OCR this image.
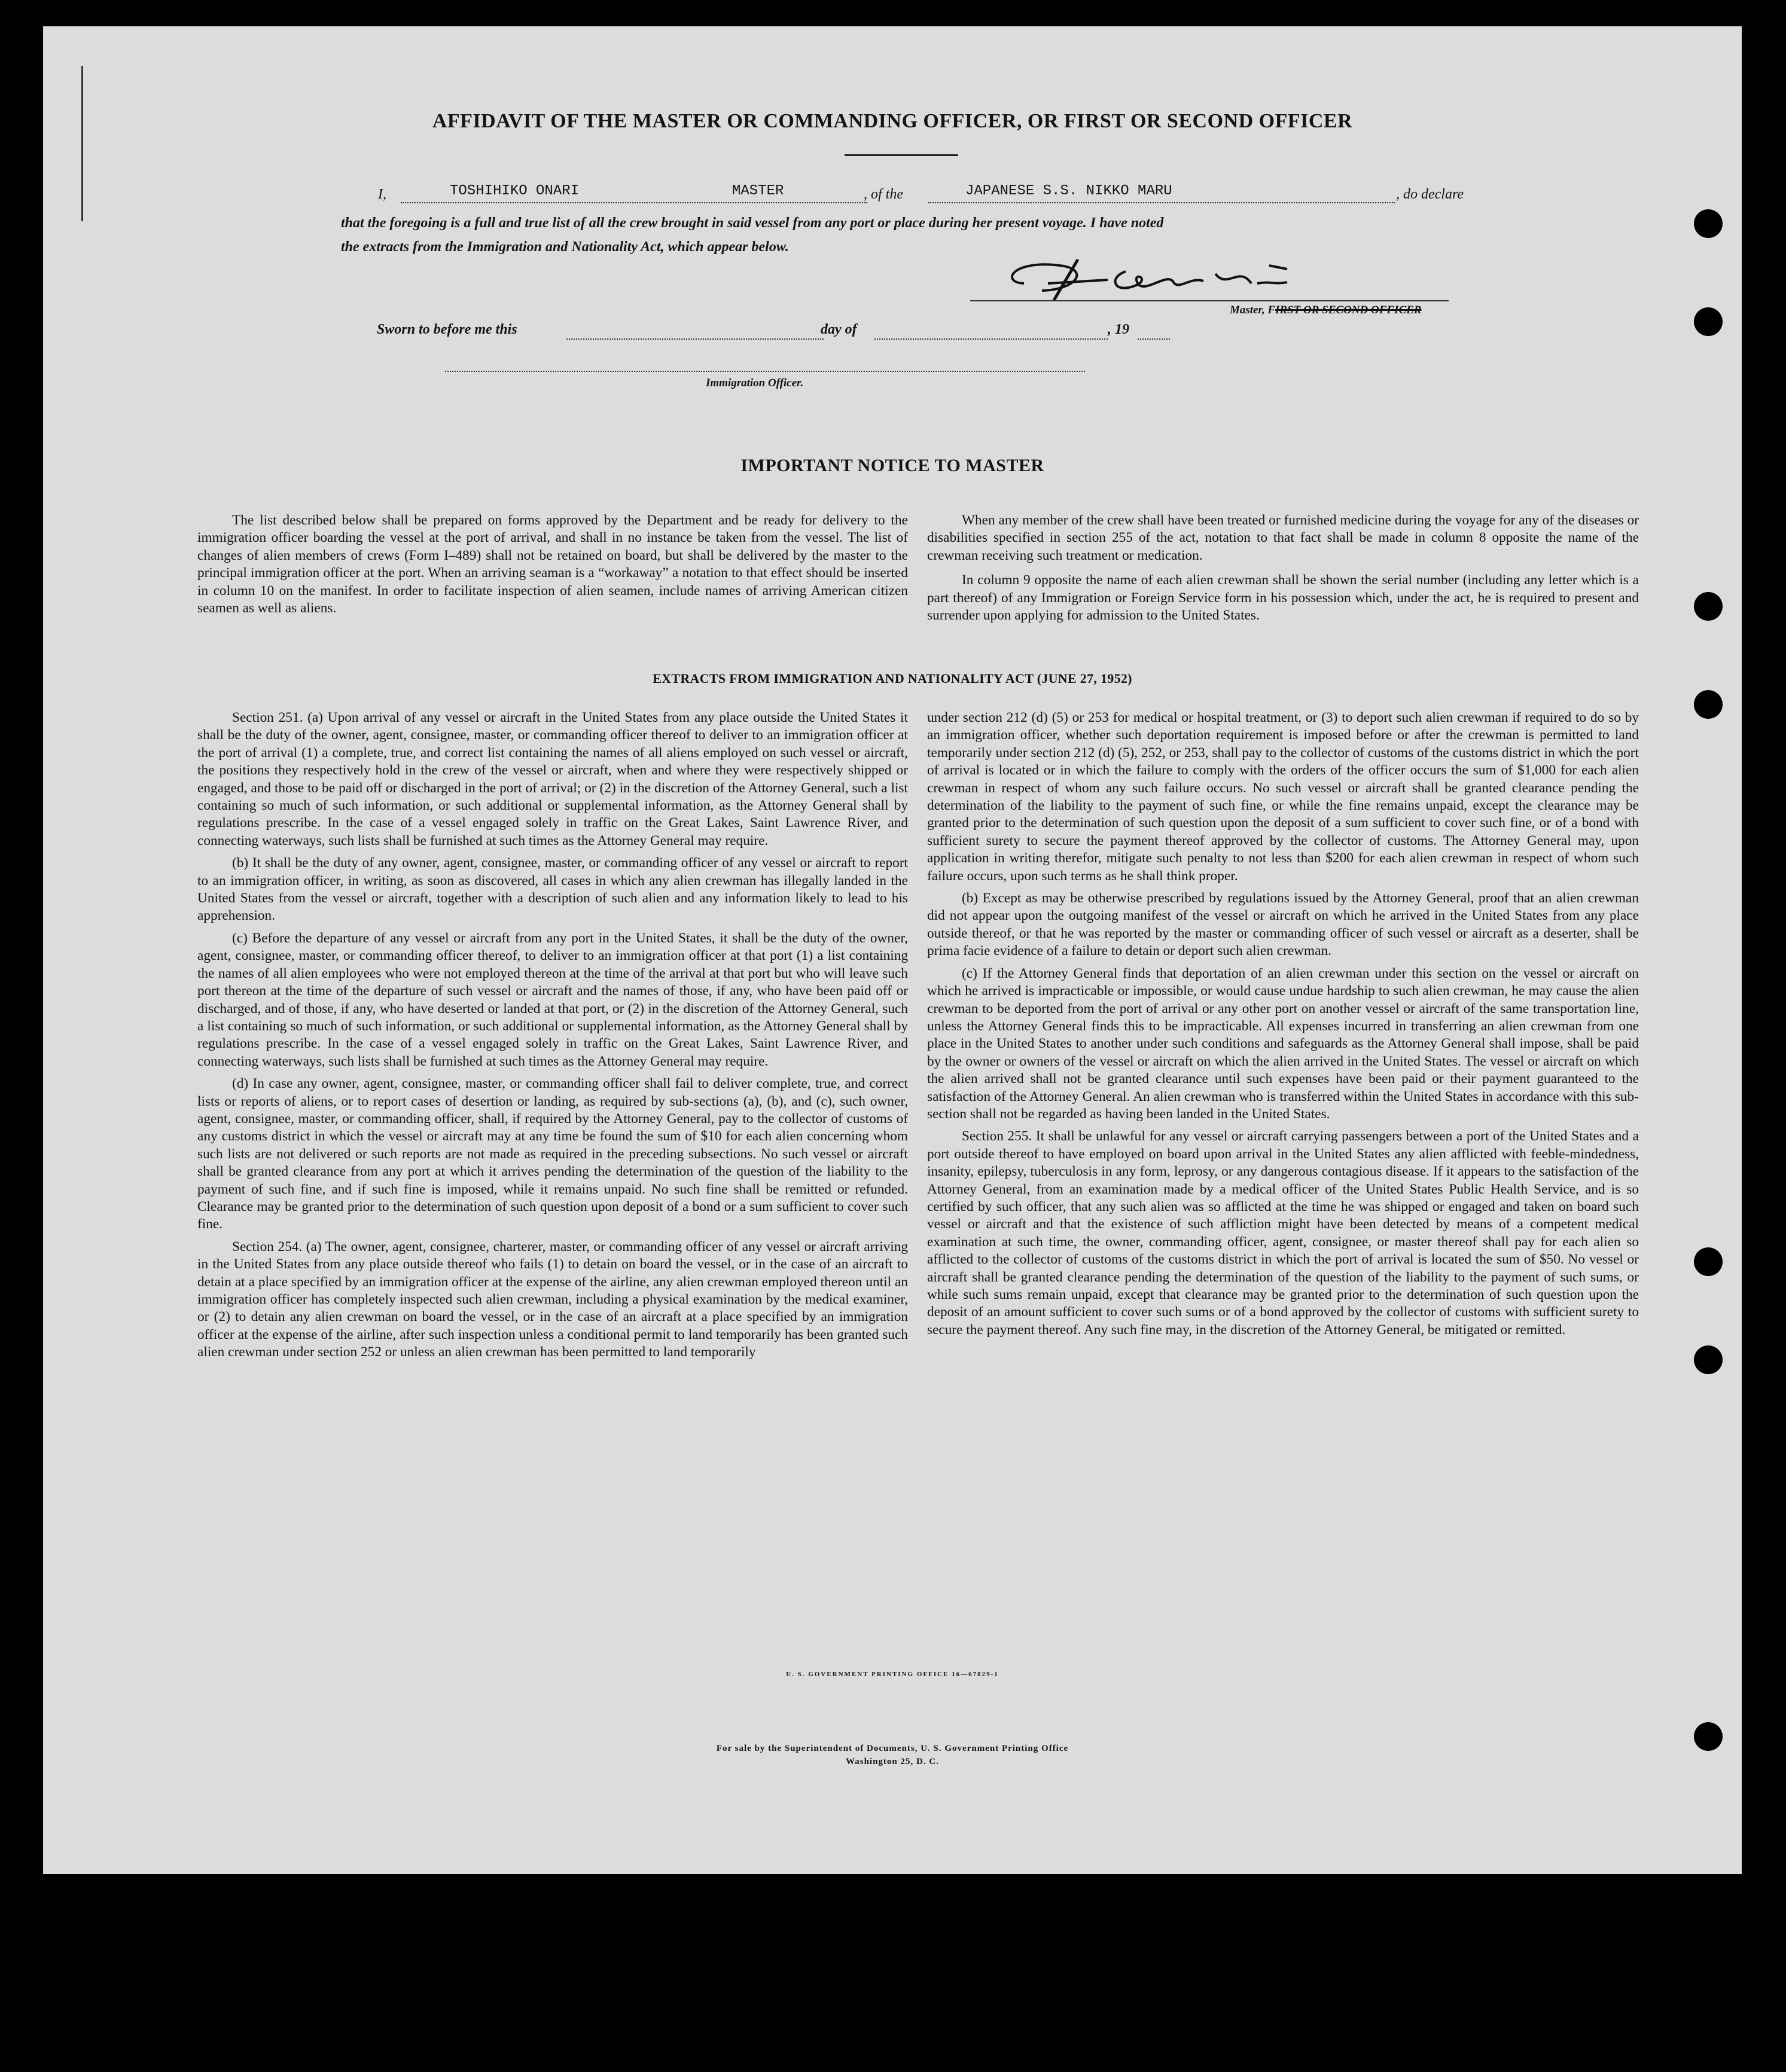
AFFIDAVIT OF THE MASTER OR COMMANDING OFFICER, OR FIRST OR SECOND OFFICER
I,	TOSHIHIKO ONARI	MASTER	, of the	JAPANESE S.S. NIKKO MARU	, do declare
that the foregoing is a full and true list of all the crew brought in said vessel from any port or place during her present voyage. I have noted
the extracts from the Immigration and Nationality Act, which appear below.
Master, FIRST OR SECOND OFFICER
Sworn to before me this	day of	, 19
Immigration Officer.
IMPORTANT NOTICE TO MASTER

The list described below shall be prepared on forms approved by the Department and be ready for delivery to the immigration officer boarding the vessel at the port of arrival, and shall in no instance be taken from the vessel. The list of changes of alien members of crews (Form I–489) shall not be retained on board, but shall be delivered by the master to the principal immigration officer at the port. When an arriving seaman is a “workaway” a notation to that effect should be inserted in column 10 on the manifest. In order to facilitate inspection of alien seamen, include names of arriving American citizen seamen as well as aliens.

When any member of the crew shall have been treated or furnished medicine during the voyage for any of the diseases or disabilities specified in section 255 of the act, notation to that fact shall be made in column 8 opposite the name of the crewman receiving such treatment or medication.

In column 9 opposite the name of each alien crewman shall be shown the serial number (including any letter which is a part thereof) of any Immigration or Foreign Service form in his possession which, under the act, he is required to present and surrender upon applying for admission to the United States.

EXTRACTS FROM IMMIGRATION AND NATIONALITY ACT (JUNE 27, 1952)

Section 251. (a) Upon arrival of any vessel or aircraft in the United States from any place outside the United States it shall be the duty of the owner, agent, consignee, master, or commanding officer thereof to deliver to an immigration officer at the port of arrival (1) a complete, true, and correct list containing the names of all aliens employed on such vessel or aircraft, the positions they respectively hold in the crew of the vessel or aircraft, when and where they were respectively shipped or engaged, and those to be paid off or discharged in the port of arrival; or (2) in the discretion of the Attorney General, such a list containing so much of such information, or such additional or supplemental information, as the Attorney General shall by regulations prescribe. In the case of a vessel engaged solely in traffic on the Great Lakes, Saint Lawrence River, and connecting waterways, such lists shall be furnished at such times as the Attorney General may require.

(b) It shall be the duty of any owner, agent, consignee, master, or commanding officer of any vessel or aircraft to report to an immigration officer, in writing, as soon as discovered, all cases in which any alien crewman has illegally landed in the United States from the vessel or aircraft, together with a description of such alien and any information likely to lead to his apprehension.

(c) Before the departure of any vessel or aircraft from any port in the United States, it shall be the duty of the owner, agent, consignee, master, or commanding officer thereof, to deliver to an immigration officer at that port (1) a list containing the names of all alien employees who were not employed thereon at the time of the arrival at that port but who will leave such port thereon at the time of the departure of such vessel or aircraft and the names of those, if any, who have been paid off or discharged, and of those, if any, who have deserted or landed at that port, or (2) in the discretion of the Attorney General, such a list containing so much of such information, or such additional or supplemental information, as the Attorney General shall by regulations prescribe. In the case of a vessel engaged solely in traffic on the Great Lakes, Saint Lawrence River, and connecting waterways, such lists shall be furnished at such times as the Attorney General may require.

(d) In case any owner, agent, consignee, master, or commanding officer shall fail to deliver complete, true, and correct lists or reports of aliens, or to report cases of desertion or landing, as required by sub-sections (a), (b), and (c), such owner, agent, consignee, master, or commanding officer, shall, if required by the Attorney General, pay to the collector of customs of any customs district in which the vessel or aircraft may at any time be found the sum of $10 for each alien concerning whom such lists are not delivered or such reports are not made as required in the preceding subsections. No such vessel or aircraft shall be granted clearance from any port at which it arrives pending the determination of the question of the liability to the payment of such fine, and if such fine is imposed, while it remains unpaid. No such fine shall be remitted or refunded. Clearance may be granted prior to the determination of such question upon deposit of a bond or a sum sufficient to cover such fine.

Section 254. (a) The owner, agent, consignee, charterer, master, or commanding officer of any vessel or aircraft arriving in the United States from any place outside thereof who fails (1) to detain on board the vessel, or in the case of an aircraft to detain at a place specified by an immigration officer at the expense of the airline, any alien crewman employed thereon until an immigration officer has completely inspected such alien crewman, including a physical examination by the medical examiner, or (2) to detain any alien crewman on board the vessel, or in the case of an aircraft at a place specified by an immigration officer at the expense of the airline, after such inspection unless a conditional permit to land temporarily has been granted such alien crewman under section 252 or unless an alien crewman has been permitted to land temporarily

under section 212 (d) (5) or 253 for medical or hospital treatment, or (3) to deport such alien crewman if required to do so by an immigration officer, whether such deportation requirement is imposed before or after the crewman is permitted to land temporarily under section 212 (d) (5), 252, or 253, shall pay to the collector of customs of the customs district in which the port of arrival is located or in which the failure to comply with the orders of the officer occurs the sum of $1,000 for each alien crewman in respect of whom any such failure occurs. No such vessel or aircraft shall be granted clearance pending the determination of the liability to the payment of such fine, or while the fine remains unpaid, except the clearance may be granted prior to the determination of such question upon the deposit of a sum sufficient to cover such fine, or of a bond with sufficient surety to secure the payment thereof approved by the collector of customs. The Attorney General may, upon application in writing therefor, mitigate such penalty to not less than $200 for each alien crewman in respect of whom such failure occurs, upon such terms as he shall think proper.

(b) Except as may be otherwise prescribed by regulations issued by the Attorney General, proof that an alien crewman did not appear upon the outgoing manifest of the vessel or aircraft on which he arrived in the United States from any place outside thereof, or that he was reported by the master or commanding officer of such vessel or aircraft as a deserter, shall be prima facie evidence of a failure to detain or deport such alien crewman.

(c) If the Attorney General finds that deportation of an alien crewman under this section on the vessel or aircraft on which he arrived is impracticable or impossible, or would cause undue hardship to such alien crewman, he may cause the alien crewman to be deported from the port of arrival or any other port on another vessel or aircraft of the same transportation line, unless the Attorney General finds this to be impracticable. All expenses incurred in transferring an alien crewman from one place in the United States to another under such conditions and safeguards as the Attorney General shall impose, shall be paid by the owner or owners of the vessel or aircraft on which the alien arrived in the United States. The vessel or aircraft on which the alien arrived shall not be granted clearance until such expenses have been paid or their payment guaranteed to the satisfaction of the Attorney General. An alien crewman who is transferred within the United States in accordance with this sub-section shall not be regarded as having been landed in the United States.

Section 255. It shall be unlawful for any vessel or aircraft carrying passengers between a port of the United States and a port outside thereof to have employed on board upon arrival in the United States any alien afflicted with feeble-mindedness, insanity, epilepsy, tuberculosis in any form, leprosy, or any dangerous contagious disease. If it appears to the satisfaction of the Attorney General, from an examination made by a medical officer of the United States Public Health Service, and is so certified by such officer, that any such alien was so afflicted at the time he was shipped or engaged and taken on board such vessel or aircraft and that the existence of such affliction might have been detected by means of a competent medical examination at such time, the owner, commanding officer, agent, consignee, or master thereof shall pay for each alien so afflicted to the collector of customs of the customs district in which the port of arrival is located the sum of $50. No vessel or aircraft shall be granted clearance pending the determination of the question of the liability to the payment of such sums, or while such sums remain unpaid, except that clearance may be granted prior to the determination of such question upon the deposit of an amount sufficient to cover such sums or of a bond approved by the collector of customs with sufficient surety to secure the payment thereof. Any such fine may, in the discretion of the Attorney General, be mitigated or remitted.

U. S. GOVERNMENT PRINTING OFFICE 16—67829-1
For sale by the Superintendent of Documents, U. S. Government Printing Office
Washington 25, D. C.
